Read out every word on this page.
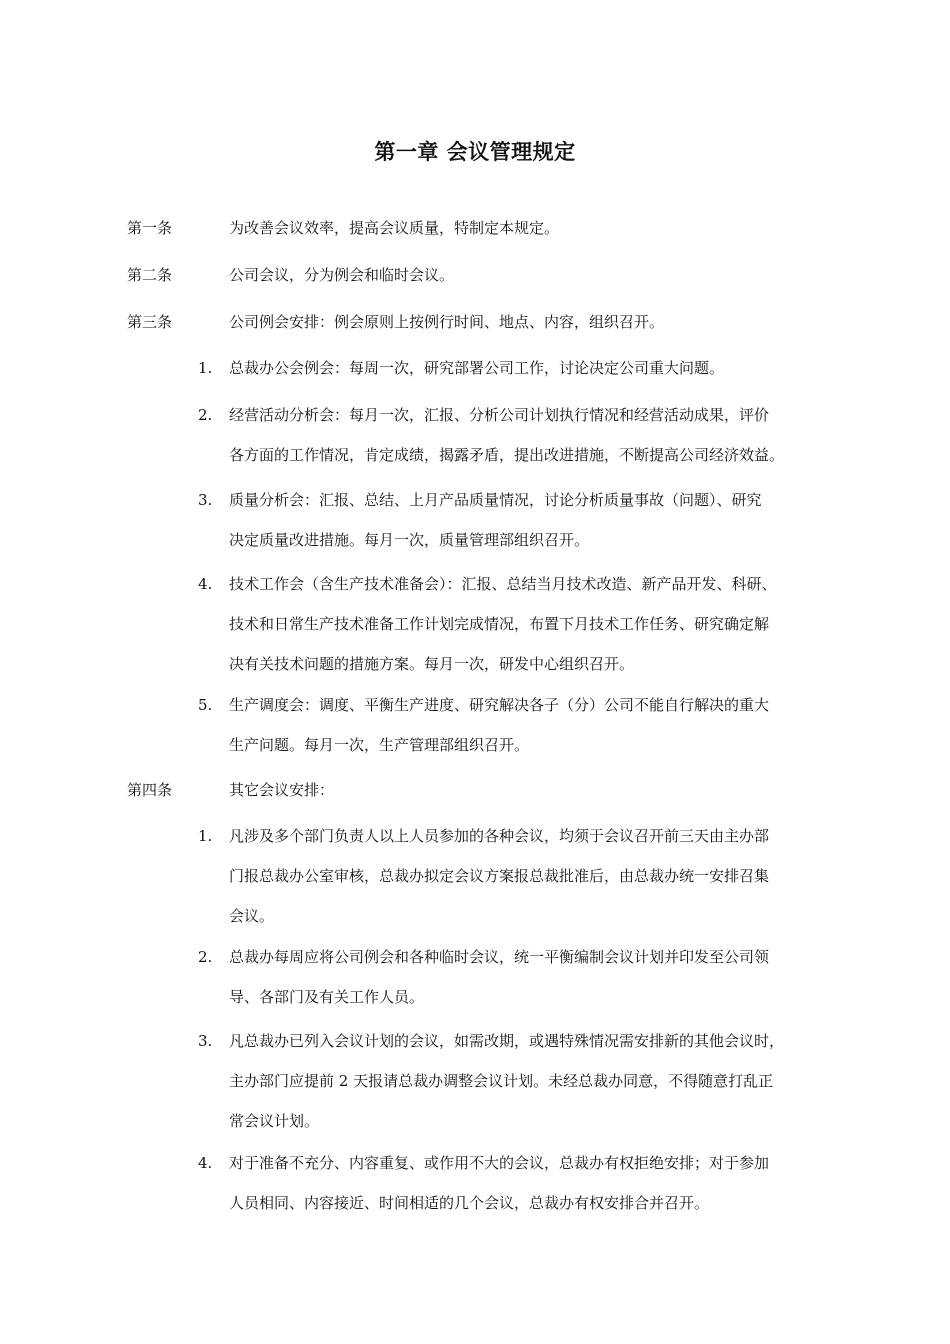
第一章 会议管理规定
第一条	为改善会议效率，提高会议质量，特制定本规定。
第二条	公司会议，分为例会和临时会议。
第三条	公司例会安排：例会原则上按例行时间、地点、内容，组织召开。
1. 总裁办公会例会：每周一次，研究部署公司工作，讨论决定公司重大问题。
2. 经营活动分析会：每月一次，汇报、分析公司计划执行情况和经营活动成果，评价
各方面的工作情况，肯定成绩，揭露矛盾，提出改进措施，不断提高公司经济效益。
3. 质量分析会：汇报、总结、上月产品质量情况，讨论分析质量事故（问题）、研究
决定质量改进措施。每月一次，质量管理部组织召开。
4. 技术工作会（含生产技术准备会）：汇报、总结当月技术改造、新产品开发、科研、
技术和日常生产技术准备工作计划完成情况，布置下月技术工作任务、研究确定解
决有关技术问题的措施方案。每月一次，研发中心组织召开。
5. 生产调度会：调度、平衡生产进度、研究解决各子（分）公司不能自行解决的重大
生产问题。每月一次，生产管理部组织召开。
第四条	其它会议安排：
1. 凡涉及多个部门负责人以上人员参加的各种会议，均须于会议召开前三天由主办部
门报总裁办公室审核，总裁办拟定会议方案报总裁批准后，由总裁办统一安排召集
会议。
2. 总裁办每周应将公司例会和各种临时会议，统一平衡编制会议计划并印发至公司领
导、各部门及有关工作人员。
3. 凡总裁办已列入会议计划的会议，如需改期，或遇特殊情况需安排新的其他会议时，
主办部门应提前 2 天报请总裁办调整会议计划。未经总裁办同意，不得随意打乱正
常会议计划。
4. 对于准备不充分、内容重复、或作用不大的会议，总裁办有权拒绝安排；对于参加
人员相同、内容接近、时间相适的几个会议，总裁办有权安排合并召开。
